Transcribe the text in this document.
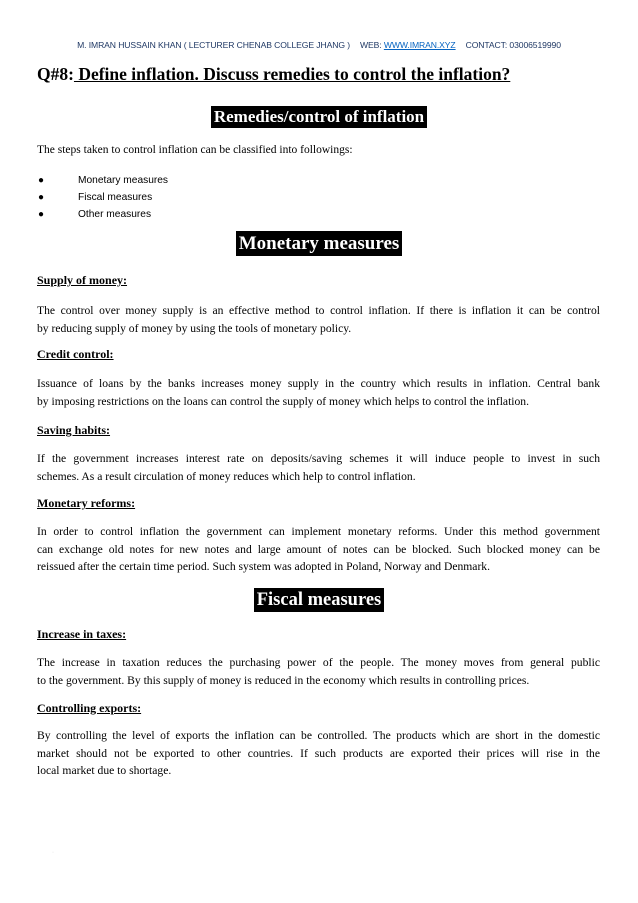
M. IMRAN HUSSAIN KHAN ( LECTURER CHENAB COLLEGE JHANG ) WEB: WWW.IMRAN.XYZ CONTACT: 03006519990
Q#8: Define inflation. Discuss remedies to control the inflation?
Remedies/control of inflation
The steps taken to control inflation can be classified into followings:
●	Monetary measures
●	Fiscal measures
●	Other measures
Monetary measures
Supply of money:
The control over money supply is an effective method to control inflation. If there is inflation it can be control
by reducing supply of money by using the tools of monetary policy.
Credit control:
Issuance of loans by the banks increases money supply in the country which results in inflation. Central bank
by imposing restrictions on the loans can control the supply of money which helps to control the inflation.
Saving habits:
If the government increases interest rate on deposits/saving schemes it will induce people to invest in such
schemes. As a result circulation of money reduces which help to control inflation.
Monetary reforms:
In order to control inflation the government can implement monetary reforms. Under this method government
can exchange old notes for new notes and large amount of notes can be blocked. Such blocked money can be
reissued after the certain time period. Such system was adopted in Poland, Norway and Denmark.
Fiscal measures
Increase in taxes:
The increase in taxation reduces the purchasing power of the people. The money moves from general public
to the government. By this supply of money is reduced in the economy which results in controlling prices.
Controlling exports:
By controlling the level of exports the inflation can be controlled. The products which are short in the domestic
market should not be exported to other countries. If such products are exported their prices will rise in the
local market due to shortage.
·
